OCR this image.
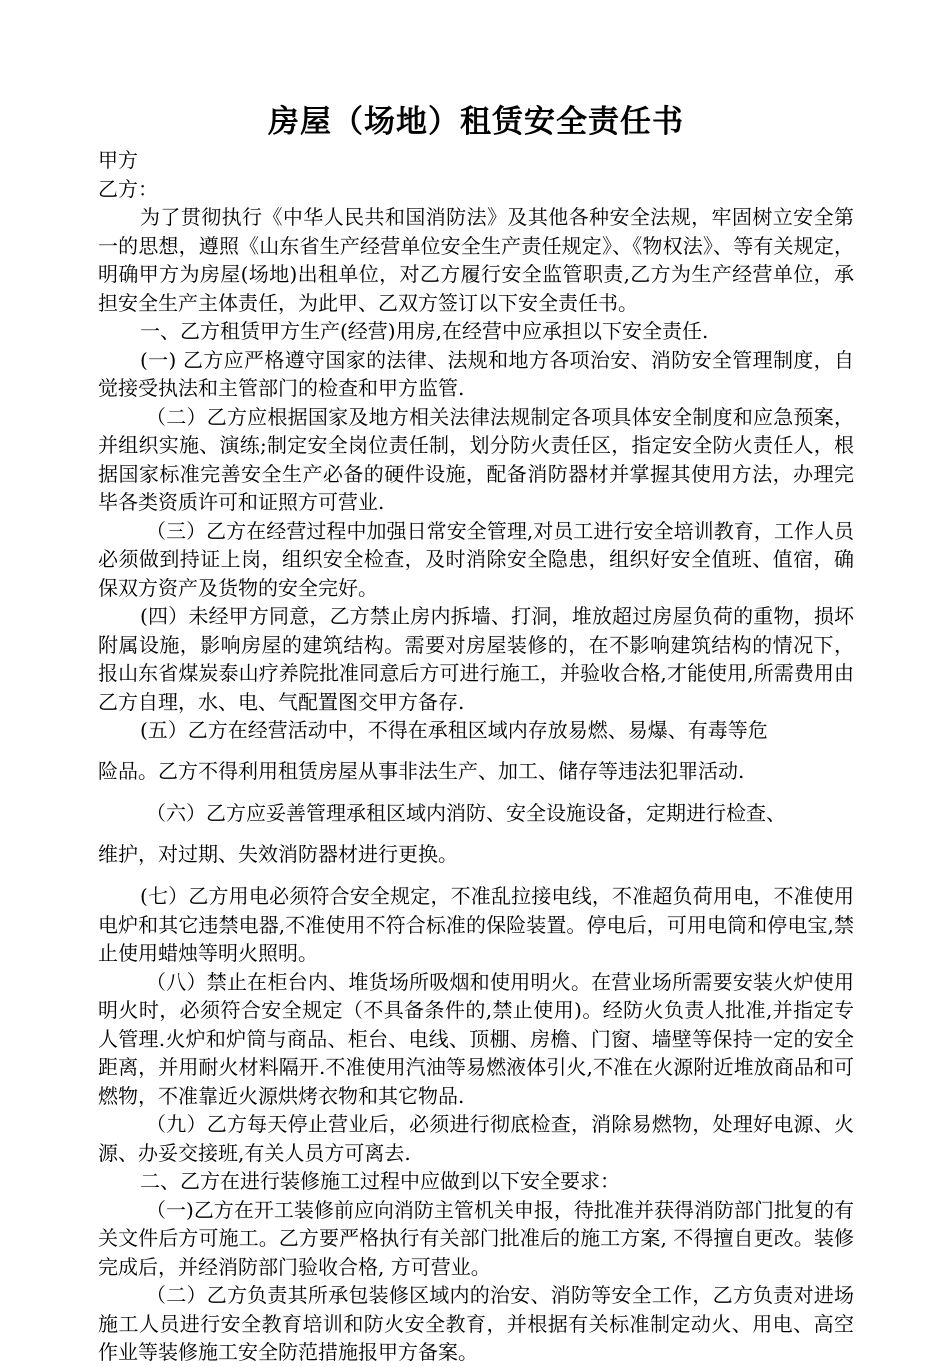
房屋（场地）租赁安全责任书

甲方

乙方：

为了贯彻执行《中华人民共和国消防法》及其他各种安全法规，牢固树立安全第一的思想，遵照《山东省生产经营单位安全生产责任规定》、《物权法》、等有关规定，明确甲方为房屋(场地)出租单位，对乙方履行安全监管职责,乙方为生产经营单位，承担安全生产主体责任，为此甲、乙双方签订以下安全责任书。

一、乙方租赁甲方生产(经营)用房,在经营中应承担以下安全责任.

(一) 乙方应严格遵守国家的法律、法规和地方各项治安、消防安全管理制度，自觉接受执法和主管部门的检查和甲方监管.

（二）乙方应根据国家及地方相关法律法规制定各项具体安全制度和应急预案，并组织实施、演练;制定安全岗位责任制，划分防火责任区，指定安全防火责任人，根据国家标准完善安全生产必备的硬件设施，配备消防器材并掌握其使用方法，办理完毕各类资质许可和证照方可营业.

（三）乙方在经营过程中加强日常安全管理,对员工进行安全培训教育，工作人员必须做到持证上岗，组织安全检查，及时消除安全隐患，组织好安全值班、值宿，确保双方资产及货物的安全完好。

(四）未经甲方同意，乙方禁止房内拆墙、打洞，堆放超过房屋负荷的重物，损坏附属设施，影响房屋的建筑结构。需要对房屋装修的，在不影响建筑结构的情况下，报山东省煤炭泰山疗养院批准同意后方可进行施工，并验收合格,才能使用,所需费用由乙方自理，水、电、气配置图交甲方备存.

(五）乙方在经营活动中，不得在承租区域内存放易燃、易爆、有毒等危

险品。乙方不得利用租赁房屋从事非法生产、加工、储存等违法犯罪活动.

（六）乙方应妥善管理承租区域内消防、安全设施设备，定期进行检查、

维护，对过期、失效消防器材进行更换。

(七）乙方用电必须符合安全规定，不准乱拉接电线，不准超负荷用电，不准使用电炉和其它违禁电器,不准使用不符合标准的保险装置。停电后，可用电筒和停电宝,禁止使用蜡烛等明火照明。

（八）禁止在柜台内、堆货场所吸烟和使用明火。在营业场所需要安装火炉使用明火时，必须符合安全规定（不具备条件的,禁止使用)。经防火负责人批准,并指定专人管理.火炉和炉筒与商品、柜台、电线、顶棚、房檐、门窗、墙壁等保持一定的安全距离，并用耐火材料隔开.不准使用汽油等易燃液体引火,不准在火源附近堆放商品和可燃物，不准靠近火源烘烤衣物和其它物品.

（九）乙方每天停止营业后，必须进行彻底检查，消除易燃物，处理好电源、火源、办妥交接班,有关人员方可离去.

二、乙方在进行装修施工过程中应做到以下安全要求：

（一)乙方在开工装修前应向消防主管机关申报，待批准并获得消防部门批复的有关文件后方可施工。乙方要严格执行有关部门批准后的施工方案, 不得擅自更改。装修完成后，并经消防部门验收合格, 方可营业。

（二）乙方负责其所承包装修区域内的治安、消防等安全工作，乙方负责对进场施工人员进行安全教育培训和防火安全教育，并根据有关标准制定动火、用电、高空作业等装修施工安全防范措施报甲方备案。
